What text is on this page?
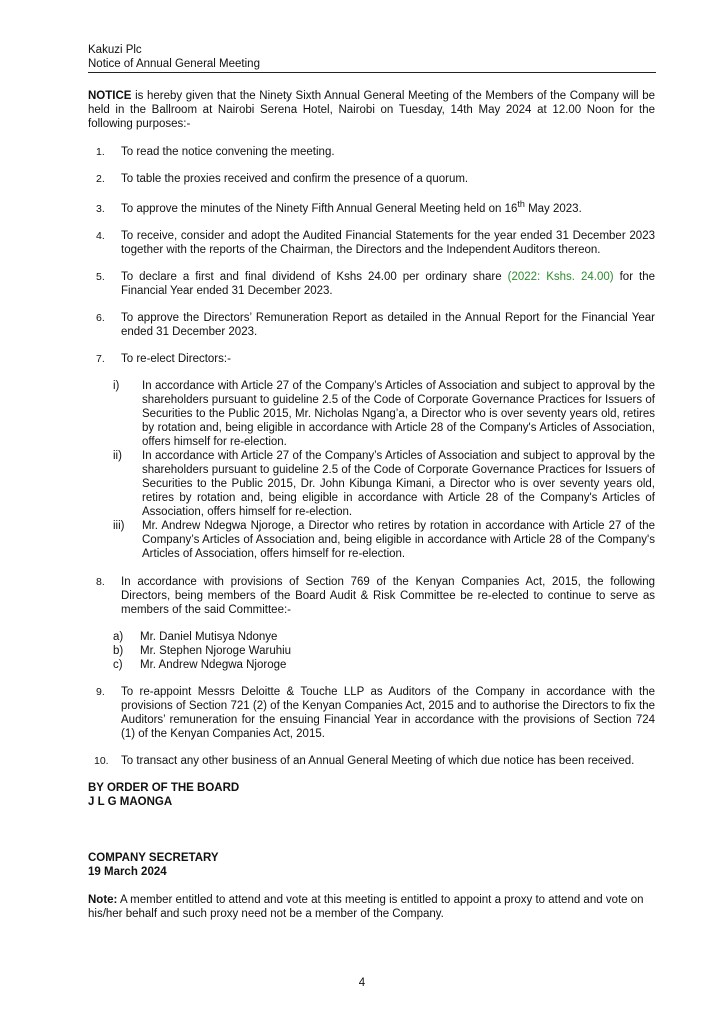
Kakuzi Plc
Notice of Annual General Meeting

NOTICE is hereby given that the Ninety Sixth Annual General Meeting of the Members of the Company will be held in the Ballroom at Nairobi Serena Hotel, Nairobi on Tuesday, 14th May 2024 at 12.00 Noon for the following purposes:-

1.	To read the notice convening the meeting.
2.	To table the proxies received and confirm the presence of a quorum.
3.	To approve the minutes of the Ninety Fifth Annual General Meeting held on 16th May 2023.
4.	To receive, consider and adopt the Audited Financial Statements for the year ended 31 December 2023 together with the reports of the Chairman, the Directors and the Independent Auditors thereon.
5.	To declare a first and final dividend of Kshs 24.00 per ordinary share (2022: Kshs. 24.00) for the Financial Year ended 31 December 2023.
6.	To approve the Directors’ Remuneration Report as detailed in the Annual Report for the Financial Year ended 31 December 2023.
7.	To re-elect Directors:-
i)	In accordance with Article 27 of the Company’s Articles of Association and subject to approval by the shareholders pursuant to guideline 2.5 of the Code of Corporate Governance Practices for Issuers of Securities to the Public 2015, Mr. Nicholas Ngang’a, a Director who is over seventy years old, retires by rotation and, being eligible in accordance with Article 28 of the Company's Articles of Association, offers himself for re-election.
ii)	In accordance with Article 27 of the Company’s Articles of Association and subject to approval by the shareholders pursuant to guideline 2.5 of the Code of Corporate Governance Practices for Issuers of Securities to the Public 2015, Dr. John Kibunga Kimani, a Director who is over seventy years old, retires by rotation and, being eligible in accordance with Article 28 of the Company's Articles of Association, offers himself for re-election.
iii)	Mr. Andrew Ndegwa Njoroge, a Director who retires by rotation in accordance with Article 27 of the Company’s Articles of Association and, being eligible in accordance with Article 28 of the Company's Articles of Association, offers himself for re-election.
8.	In accordance with provisions of Section 769 of the Kenyan Companies Act, 2015, the following Directors, being members of the Board Audit & Risk Committee be re-elected to continue to serve as members of the said Committee:-
a)	Mr. Daniel Mutisya Ndonye
b)	Mr. Stephen Njoroge Waruhiu
c)	Mr. Andrew Ndegwa Njoroge
9.	To re-appoint Messrs Deloitte & Touche LLP as Auditors of the Company in accordance with the provisions of Section 721 (2) of the Kenyan Companies Act, 2015 and to authorise the Directors to fix the Auditors’ remuneration for the ensuing Financial Year in accordance with the provisions of Section 724 (1) of the Kenyan Companies Act, 2015.
10.	To transact any other business of an Annual General Meeting of which due notice has been received.
BY ORDER OF THE BOARD
J L G MAONGA
COMPANY SECRETARY
19 March 2024

Note: A member entitled to attend and vote at this meeting is entitled to appoint a proxy to attend and vote on his/her behalf and such proxy need not be a member of the Company.

4
